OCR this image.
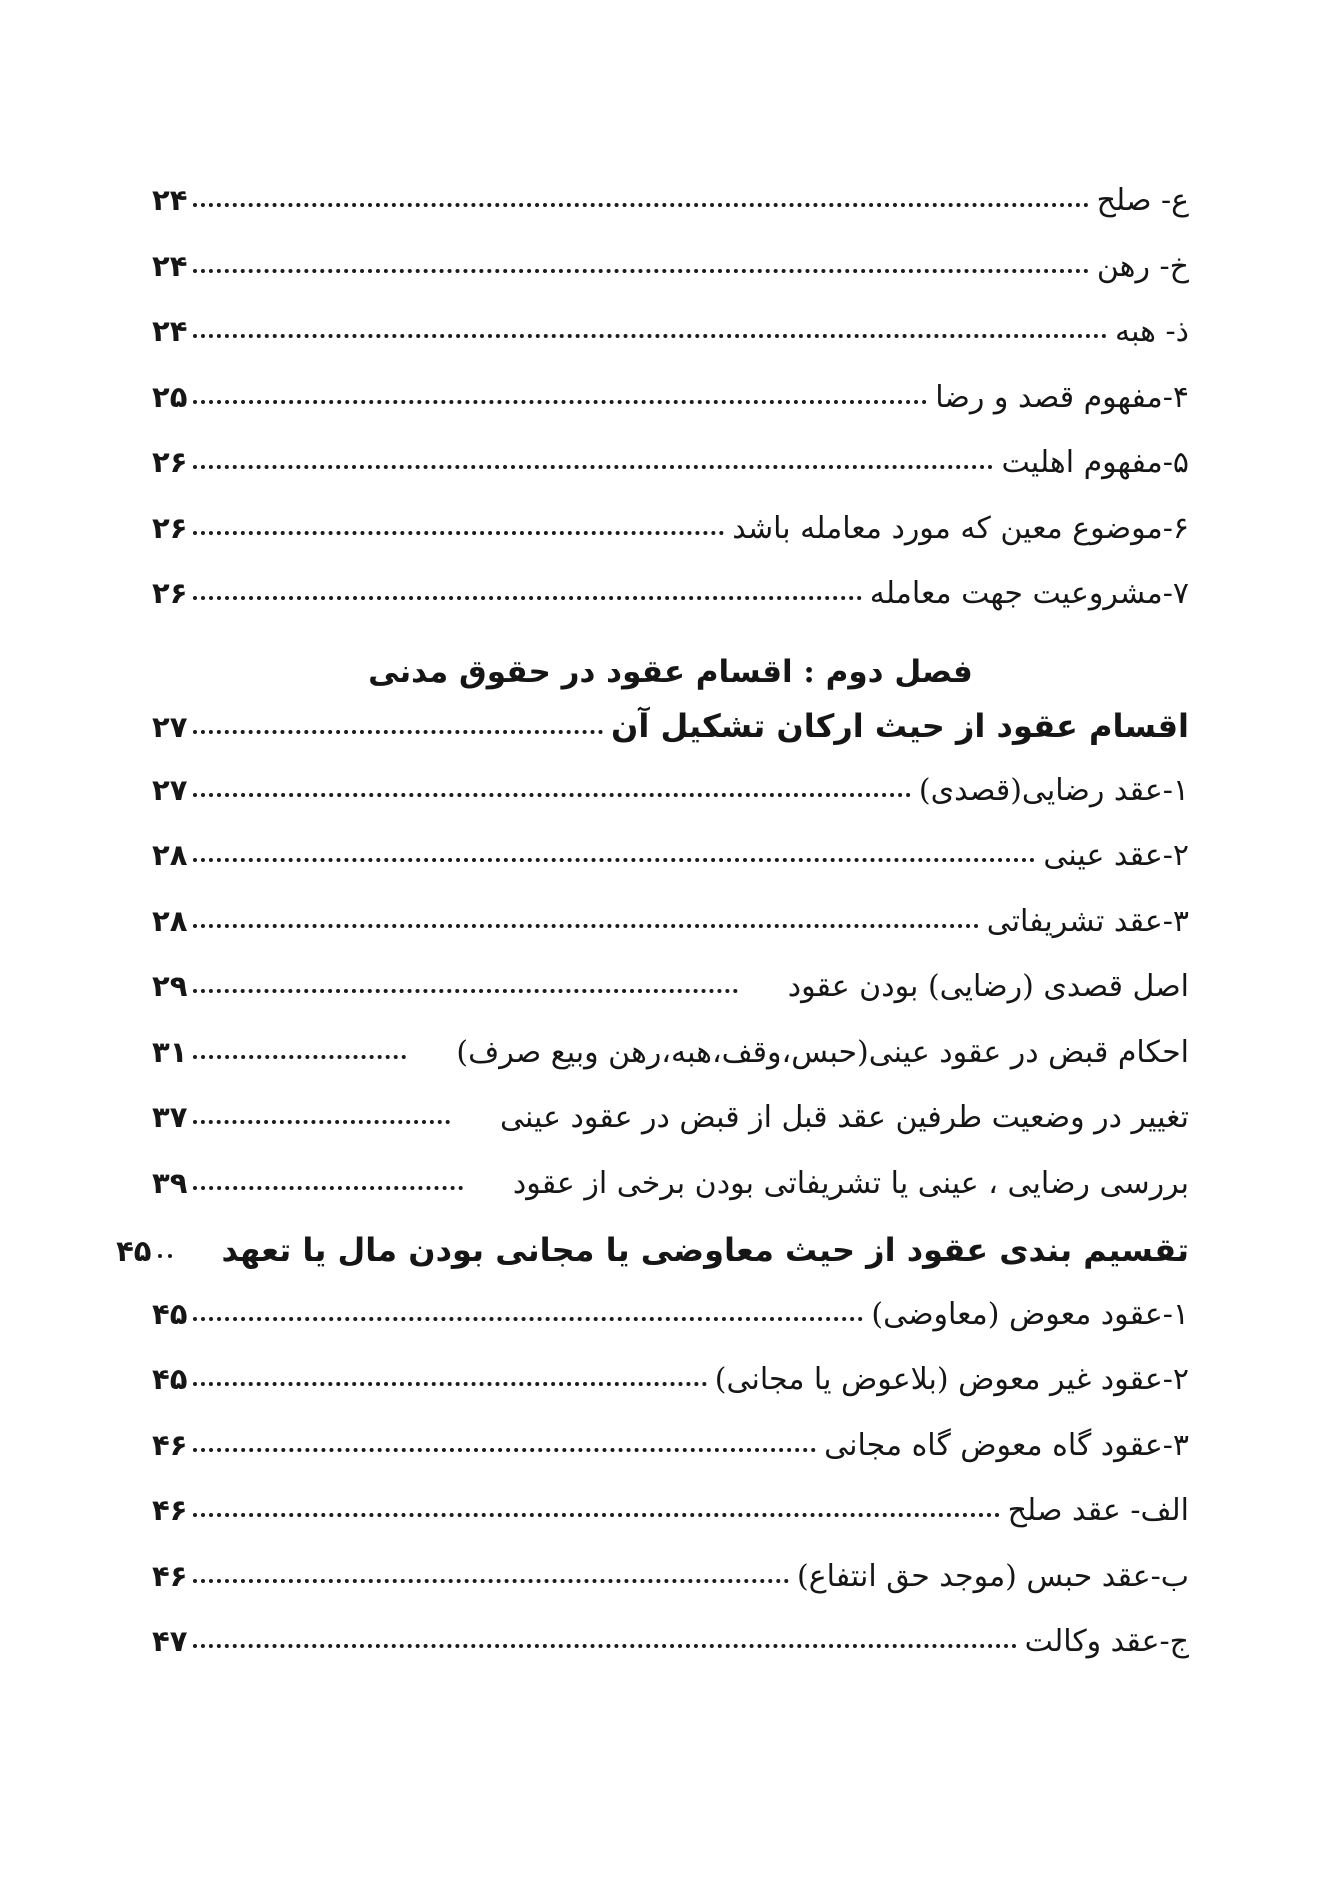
ع- صلح
۲۴
خ- رهن
۲۴
ذ- هبه
۲۴
۴-مفهوم قصد و رضا
۲۵
۵-مفهوم اهلیت
۲۶
۶-موضوع معین که مورد معامله باشد
۲۶
۷-مشروعیت جهت معامله
۲۶
فصل دوم : اقسام عقود در حقوق مدنی
اقسام عقود از حیث ارکان تشکیل آن
۲۷
۱-عقد رضایی(قصدی)
۲۷
۲-عقد عینی
۲۸
۳-عقد تشریفاتی
۲۸
اصل قصدی (رضایی) بودن عقود
۲۹
احکام قبض در عقود عینی(حبس،وقف،هبه،رهن وبیع صرف)
۳۱
تغییر در وضعیت طرفین عقد قبل از قبض در عقود عینی
۳۷
بررسی رضایی ، عینی یا تشریفاتی بودن برخی از عقود
۳۹
تقسیم بندی عقود از حیث معاوضی یا مجانی بودن مال یا تعهد
۴۵
۱-عقود معوض (معاوضی)
۴۵
۲-عقود غیر معوض (بلاعوض یا مجانی)
۴۵
۳-عقود گاه معوض گاه مجانی
۴۶
الف- عقد صلح
۴۶
ب-عقد حبس (موجد حق انتفاع)
۴۶
ج-عقد وکالت
۴۷
